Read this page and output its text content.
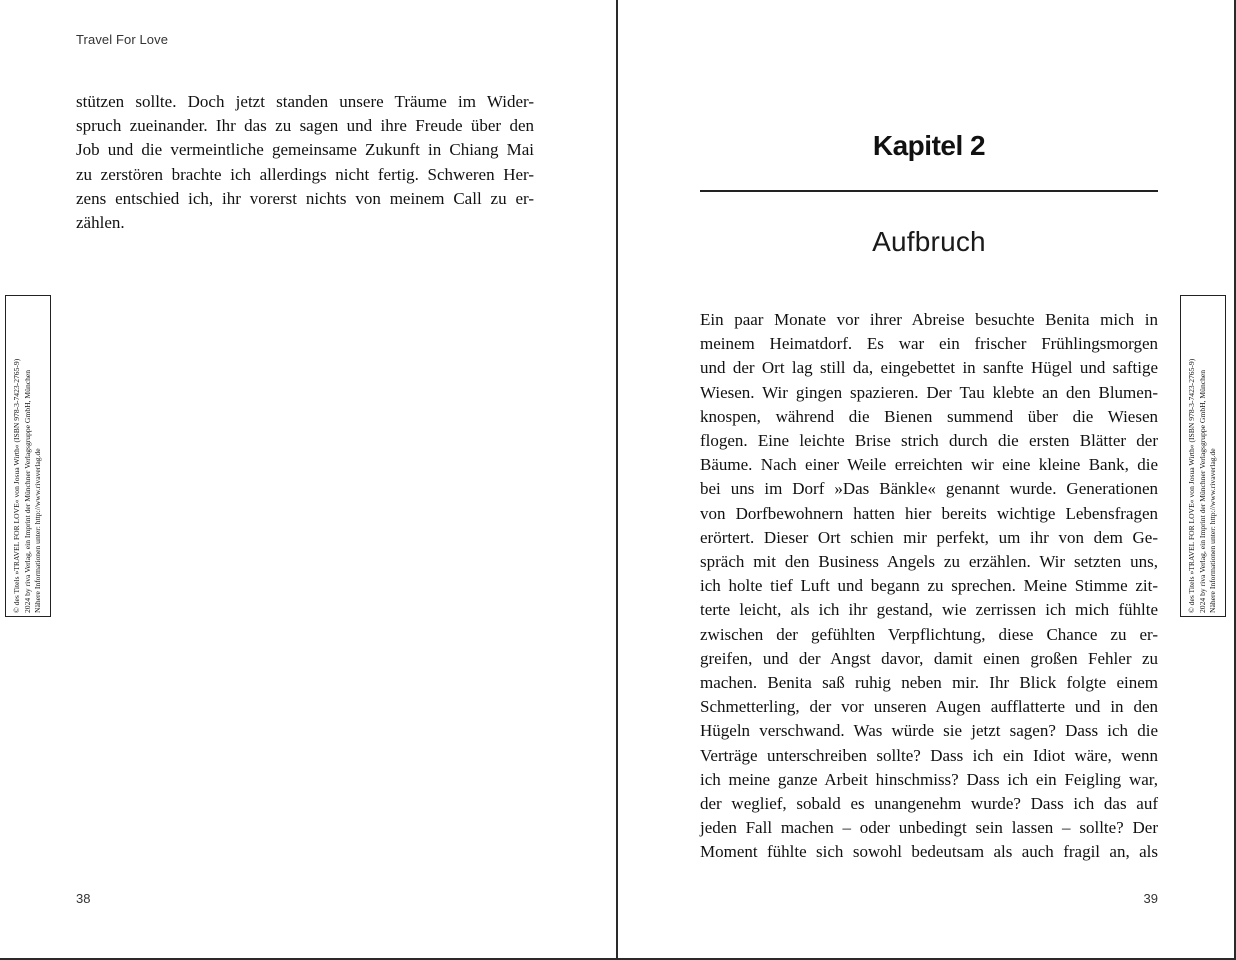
Travel For Love
stützen sollte. Doch jetzt standen unsere Träume im Wider-
spruch zueinander. Ihr das zu sagen und ihre Freude über den
Job und die vermeintliche gemeinsame Zukunft in Chiang Mai
zu zerstören brachte ich allerdings nicht fertig. Schweren Her-
zens entschied ich, ihr vorerst nichts von meinem Call zu er-
zählen.
38
Kapitel 2
Aufbruch
Ein paar Monate vor ihrer Abreise besuchte Benita mich in
meinem Heimatdorf. Es war ein frischer Frühlingsmorgen
und der Ort lag still da, eingebettet in sanfte Hügel und saftige
Wiesen. Wir gingen spazieren. Der Tau klebte an den Blumen-
knospen, während die Bienen summend über die Wiesen
flogen. Eine leichte Brise strich durch die ersten Blätter der
Bäume. Nach einer Weile erreichten wir eine kleine Bank, die
bei uns im Dorf »Das Bänkle« genannt wurde. Generationen
von Dorfbewohnern hatten hier bereits wichtige Lebensfragen
erörtert. Dieser Ort schien mir perfekt, um ihr von dem Ge-
spräch mit den Business Angels zu erzählen. Wir setzten uns,
ich holte tief Luft und begann zu sprechen. Meine Stimme zit-
terte leicht, als ich ihr gestand, wie zerrissen ich mich fühlte
zwischen der gefühlten Verpflichtung, diese Chance zu er-
greifen, und der Angst davor, damit einen großen Fehler zu
machen. Benita saß ruhig neben mir. Ihr Blick folgte einem
Schmetterling, der vor unseren Augen aufflatterte und in den
Hügeln verschwand. Was würde sie jetzt sagen? Dass ich die
Verträge unterschreiben sollte? Dass ich ein Idiot wäre, wenn
ich meine ganze Arbeit hinschmiss? Dass ich ein Feigling war,
der weglief, sobald es unangenehm wurde? Dass ich das auf
jeden Fall machen – oder unbedingt sein lassen – sollte? Der
Moment fühlte sich sowohl bedeutsam als auch fragil an, als
39
© des Titels »TRAVEL FOR LOVE« von Josua Wirth« (ISBN 978-3-7423-2765-9) 2024 by riva Verlag, ein Imprint der Münchner Verlagsgruppe GmbH, München Nähere Informationen unter: http://www.rivaverlag.de	© des Titels »TRAVEL FOR LOVE« von Josua Wirth« (ISBN 978-3-7423-2765-9) 2024 by riva Verlag, ein Imprint der Münchner Verlagsgruppe GmbH, München Nähere Informationen unter: http://www.rivaverlag.de
